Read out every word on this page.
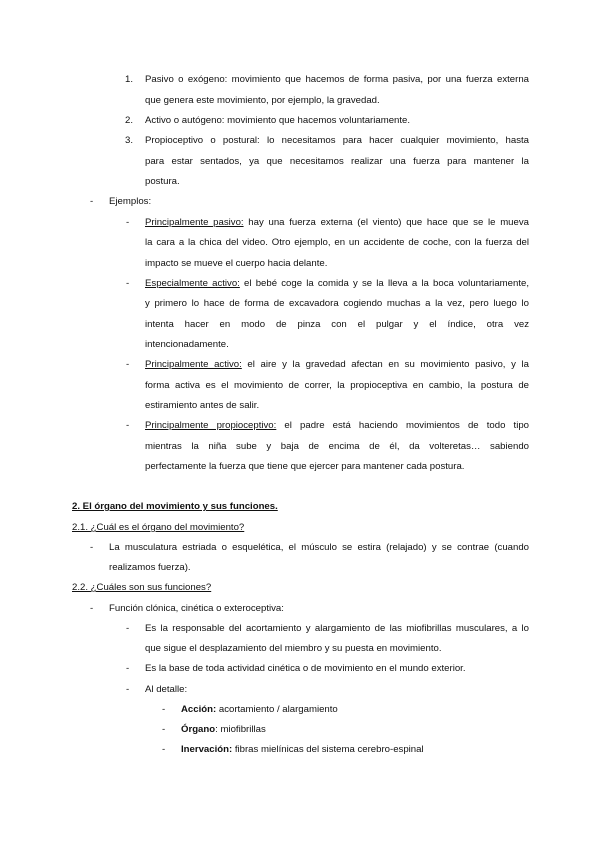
1. Pasivo o exógeno: movimiento que hacemos de forma pasiva, por una fuerza externa
que genera este movimiento, por ejemplo, la gravedad.
2. Activo o autógeno: movimiento que hacemos voluntariamente.
3. Propioceptivo o postural: lo necesitamos para hacer cualquier movimiento, hasta
para estar sentados, ya que necesitamos realizar una fuerza para mantener la
postura.
- Ejemplos:
- Principalmente pasivo: hay una fuerza externa (el viento) que hace que se le mueva
la cara a la chica del video. Otro ejemplo, en un accidente de coche, con la fuerza del
impacto se mueve el cuerpo hacia delante.
- Especialmente activo: el bebé coge la comida y se la lleva a la boca voluntariamente,
y primero lo hace de forma de excavadora cogiendo muchas a la vez, pero luego lo
intenta hacer en modo de pinza con el pulgar y el índice, otra vez
intencionadamente.
- Principalmente activo: el aire y la gravedad afectan en su movimiento pasivo, y la
forma activa es el movimiento de correr, la propioceptiva en cambio, la postura de
estiramiento antes de salir.
- Principalmente propioceptivo: el padre está haciendo movimientos de todo tipo
mientras la niña sube y baja de encima de él, da volteretas… sabiendo
perfectamente la fuerza que tiene que ejercer para mantener cada postura.
2. El órgano del movimiento y sus funciones.
2.1. ¿Cuál es el órgano del movimiento?
- La musculatura estriada o esquelética, el músculo se estira (relajado) y se contrae (cuando
realizamos fuerza).
2.2. ¿Cuáles son sus funciones?
- Función clónica, cinética o exteroceptiva:
- Es la responsable del acortamiento y alargamiento de las miofibrillas musculares, a lo
que sigue el desplazamiento del miembro y su puesta en movimiento.
- Es la base de toda actividad cinética o de movimiento en el mundo exterior.
- Al detalle:
- Acción: acortamiento / alargamiento
- Órgano: miofibrillas
- Inervación: fibras mielínicas del sistema cerebro-espinal
